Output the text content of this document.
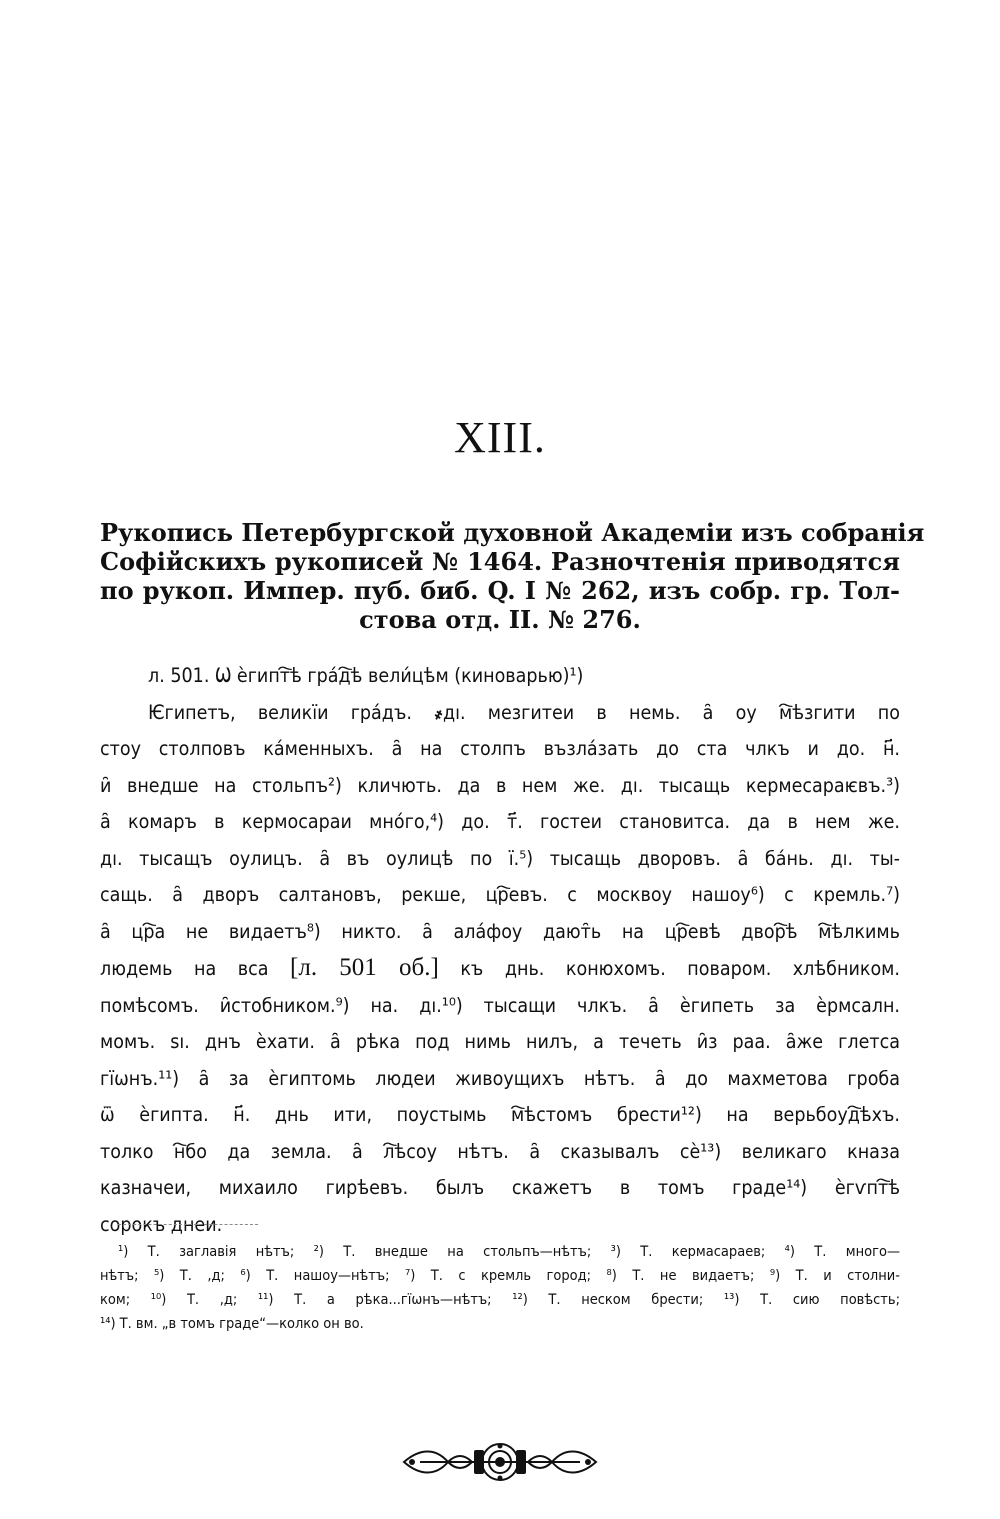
XIII.
Рукопись Петербургской духовной Академіи изъ собранія
Софійскихъ рукописей № 1464. Разночтенія приводятся
по рукоп. Импер. пуб. биб. Q. I № 262, изъ собр. гр. Тол-
стова отд. II. № 276.
л. 501. Ѡ ѐгипт҇ѣ гра́д҇ѣ вели́цѣм (киноварью)¹)
Ѥгипетъ, великїи гра́дъ. ҂дı. мезгитеи в немь. а̑ оу м҇ѣзгити по
стоу столповъ ка́менныхъ. а̑ на столпъ възла́зать до ста члкъ и до. н҃.
и̑ внедше на стольпъ²) кличють. да в нем же. дı. тысащь кермесараѥвъ.³)
а̑ комаръ в кермосараи мно́го,⁴) до. т҃. гостеи становитса. да в нем же.
дı. тысащъ оулицъ. а̑ въ оулицѣ по ї.⁵) тысащь дворовъ. а̑ ба́нь. дı. ты-
сащь. а̑ дворъ салтановъ, рекше, цр҇евъ. с москвоу нашоу⁶) с кремль.⁷)
а̑ цр҇а не видаетъ⁸) никто. а̑ ала́фоу дают̑ь на цр҇евѣ двор҇ѣ м҇ѣлкимь
людемь на вса [л. 501 об.] къ днь. конюхомъ. поваром. хлѣбником.
помѣсомъ. и̑стобником.⁹) на. дı.¹⁰) тысащи члкъ. а̑ ѐгипеть за ѐрмсалн.
момъ. ѕı. днъ ѐхати. а̑ рѣка под нимь нилъ, а течеть и̑з раа. а̑же глетса
гїѡнъ.¹¹) а̑ за ѐгиптомь людеи живоущихъ нѣтъ. а̑ до махметова гроба
ѿ ѐгипта. н҃. днь ити, поустымь м҇ѣстомъ брести¹²) на верьбоуд҇ѣхъ.
толко н҇бо да земла. а̑ л҇ѣсоу нѣтъ. а̑ сказывалъ сѐ¹³) великаго кназа
казначеи, михаило гирѣевъ. былъ скажетъ в томъ граде¹⁴) ѐгѵпт҇ѣ
сорокъ днеи.
¹) Т. заглавія нѣтъ; ²) Т. внедше на стольпъ—нѣтъ; ³) Т. кермасараев; ⁴) Т. много—
нѣтъ; ⁵) Т. ,д; ⁶) Т. нашоу—нѣтъ; ⁷) Т. с кремль город; ⁸) Т. не видаетъ; ⁹) Т. и столни-
ком; ¹⁰) Т. ,д; ¹¹) Т. а рѣка...гїѡнъ—нѣтъ; ¹²) Т. неском брести; ¹³) Т. сию повѣсть;
¹⁴) Т. вм. „в томъ граде“—колко он во.
